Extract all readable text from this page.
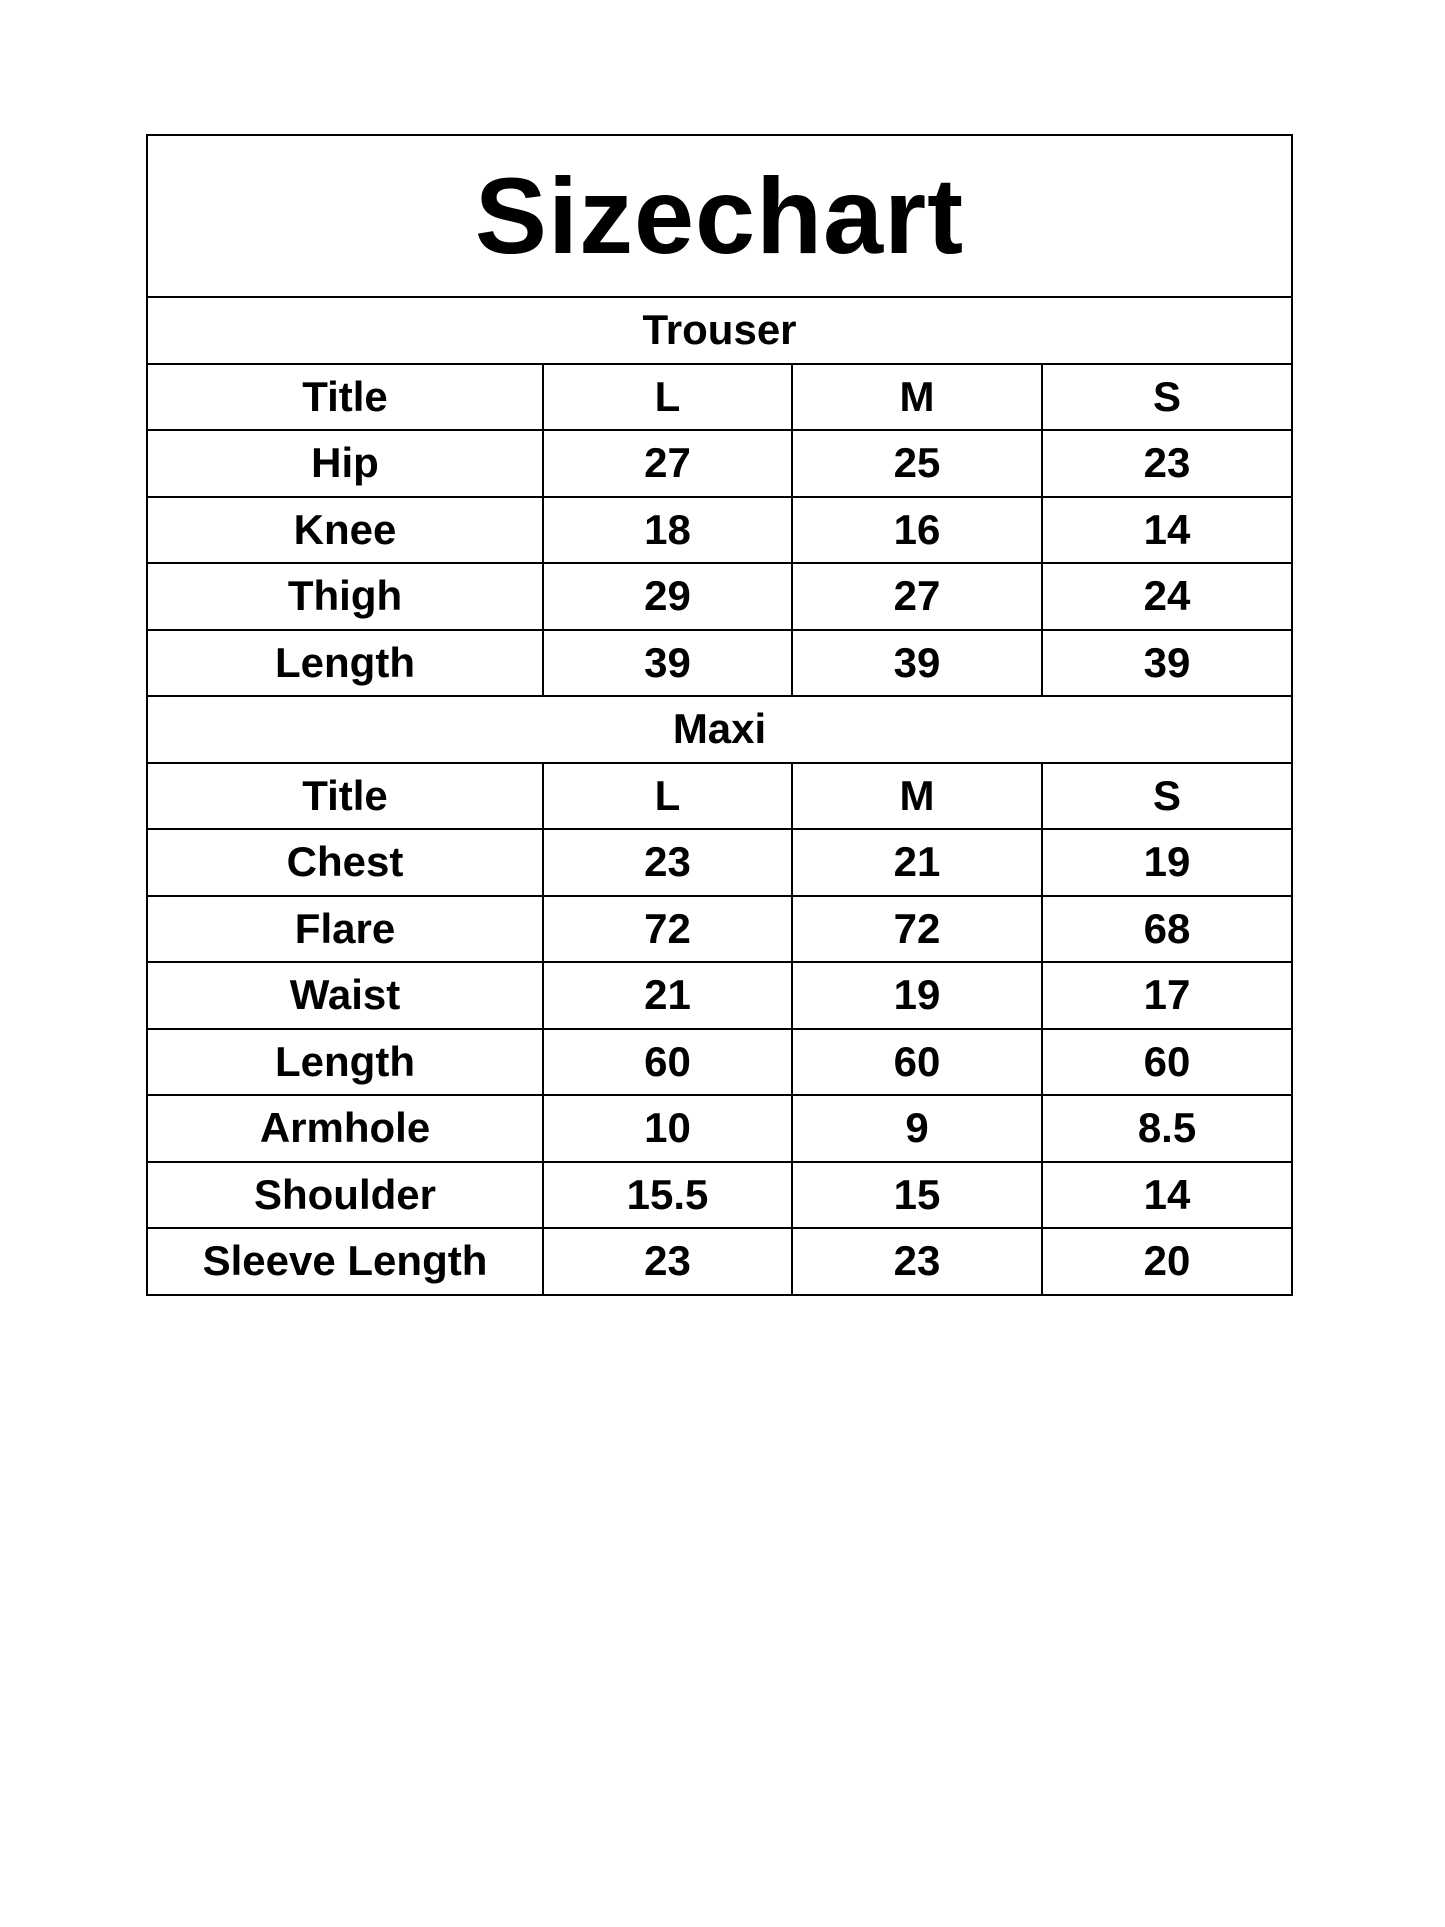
Sizechart			
Trouser			
Title	L	M	S
Hip	27	25	23
Knee	18	16	14
Thigh	29	27	24
Length	39	39	39
Maxi			
Title	L	M	S
Chest	23	21	19
Flare	72	72	68
Waist	21	19	17
Length	60	60	60
Armhole	10	9	8.5
Shoulder	15.5	15	14
Sleeve Length	23	23	20
